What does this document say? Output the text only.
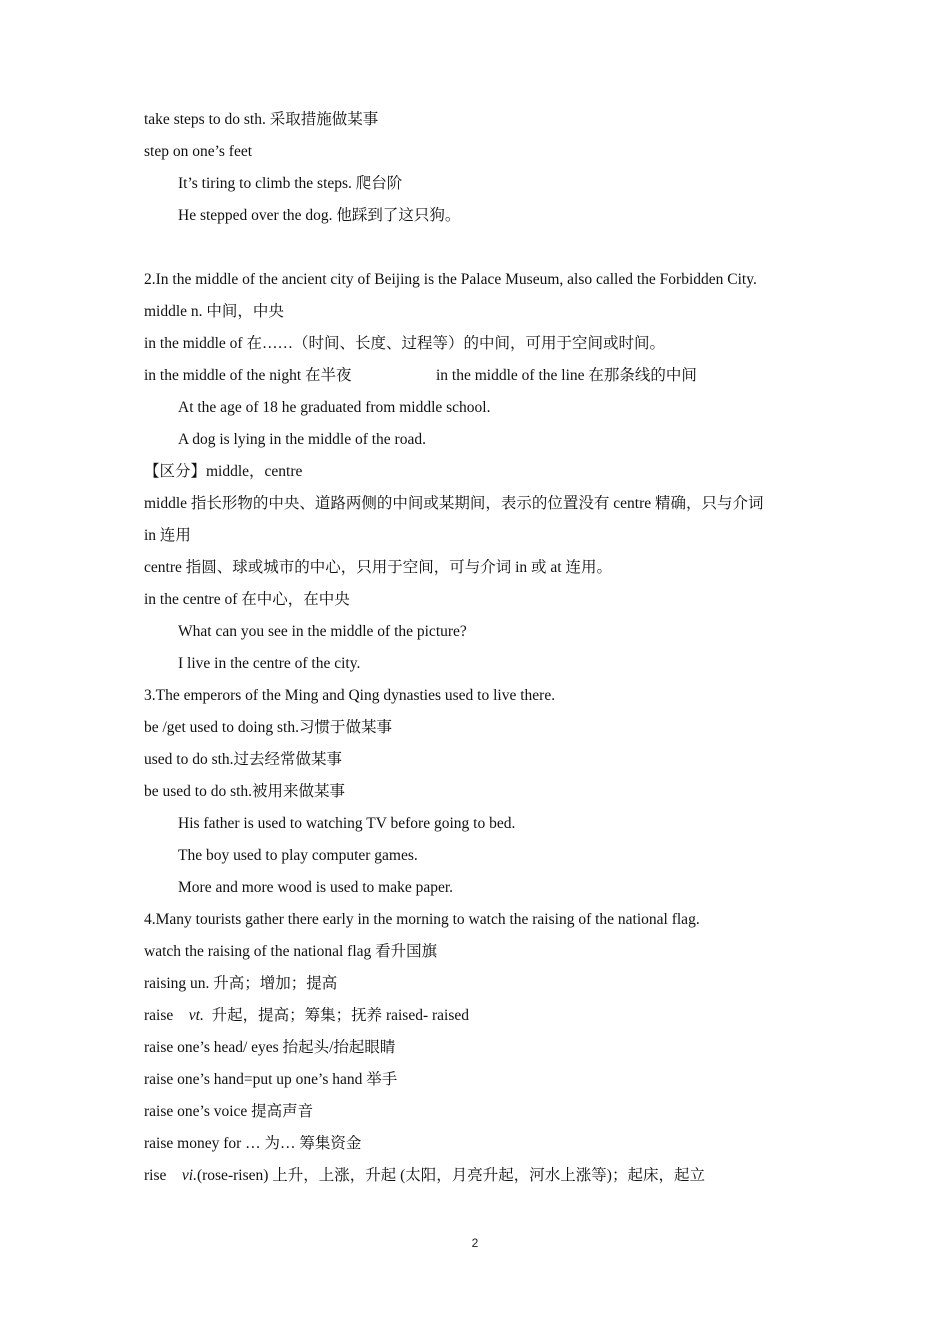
take steps to do sth. 采取措施做某事

step on one’s feet

It’s tiring to climb the steps. 爬台阶

He stepped over the dog. 他踩到了这只狗。

2.In the middle of the ancient city of Beijing is the Palace Museum, also called the Forbidden City.

middle n. 中间，中央

in the middle of 在……（时间、长度、过程等）的中间，可用于空间或时间。

in the middle of the night 在半夜	in the middle of the line 在那条线的中间

At the age of 18 he graduated from middle school.

A dog is lying in the middle of the road.

【区分】middle，centre

middle 指长形物的中央、道路两侧的中间或某期间，表示的位置没有 centre 精确，只与介词

in 连用

centre 指圆、球或城市的中心，只用于空间，可与介词 in 或 at 连用。

in the centre of 在中心，在中央

What can you see in the middle of the picture?

I live in the centre of the city.

3.The emperors of the Ming and Qing dynasties used to live there.

be /get used to doing sth.习惯于做某事

used to do sth.过去经常做某事

be used to do sth.被用来做某事

His father is used to watching TV before going to bed.

The boy used to play computer games.

More and more wood is used to make paper.

4.Many tourists gather there early in the morning to watch the raising of the national flag.

watch the raising of the national flag 看升国旗

raising un. 升高；增加；提高

raise vt. 升起，提高；筹集；抚养 raised- raised

raise one’s head/ eyes 抬起头/抬起眼睛

raise one’s hand=put up one’s hand 举手

raise one’s voice 提高声音

raise money for … 为… 筹集资金

rise vi.(rose-risen) 上升，上涨，升起 (太阳，月亮升起，河水上涨等)；起床，起立

2
